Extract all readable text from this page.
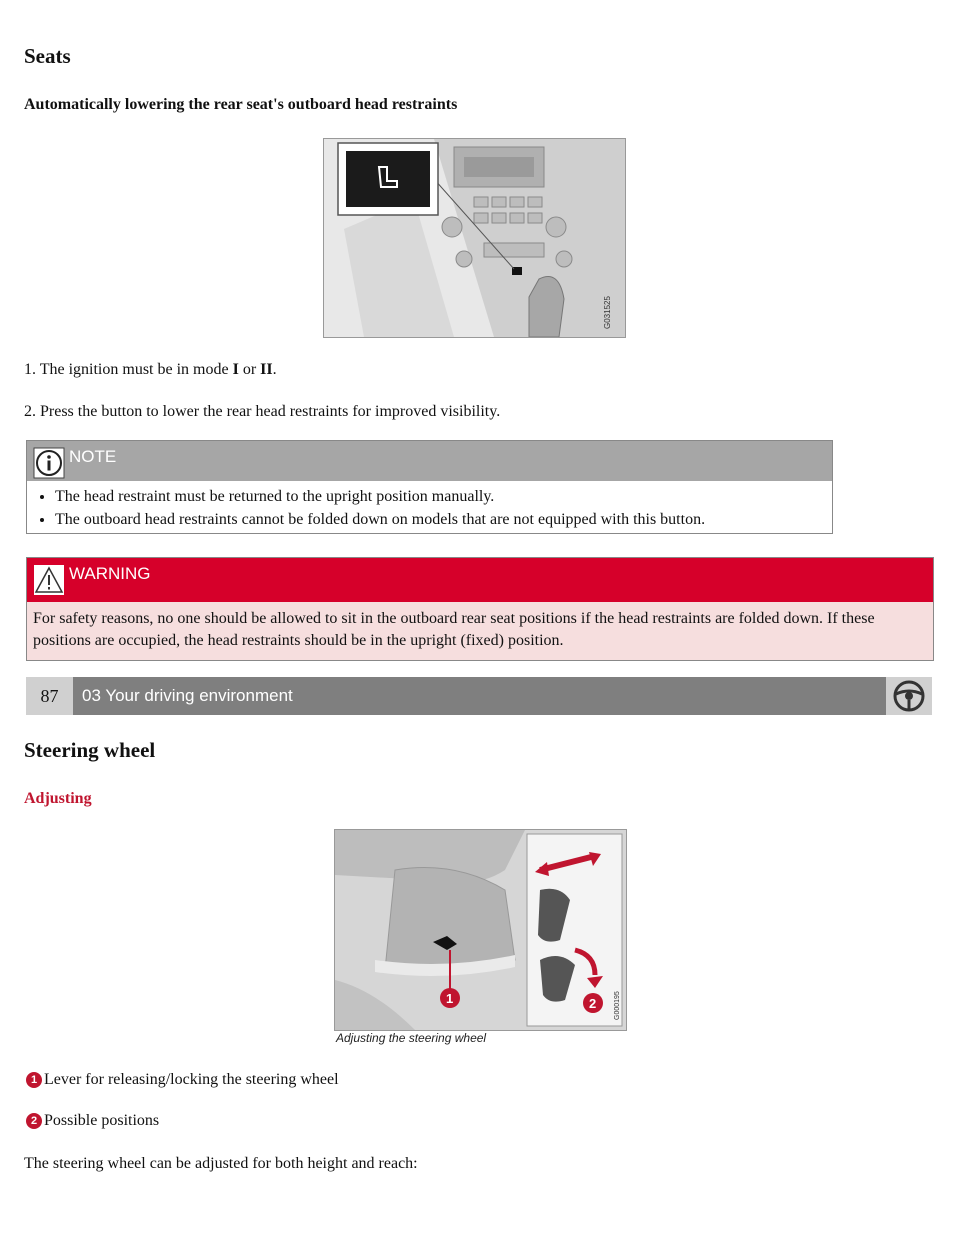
Seats
Automatically lowering the rear seat's outboard head restraints
G031525
1. The ignition must be in mode I or II.
2. Press the button to lower the rear head restraints for improved visibility.
NOTE
• The head restraint must be returned to the upright position manually.
• The outboard head restraints cannot be folded down on models that are not equipped with this button.
WARNING
For safety reasons, no one should be allowed to sit in the outboard rear seat positions if the head restraints are folded down. If these positions are occupied, the head restraints should be in the upright (fixed) position.
87	03 Your driving environment
Steering wheel
Adjusting
1	2	G000195
Adjusting the steering wheel
1 Lever for releasing/locking the steering wheel
2 Possible positions
The steering wheel can be adjusted for both height and reach:
